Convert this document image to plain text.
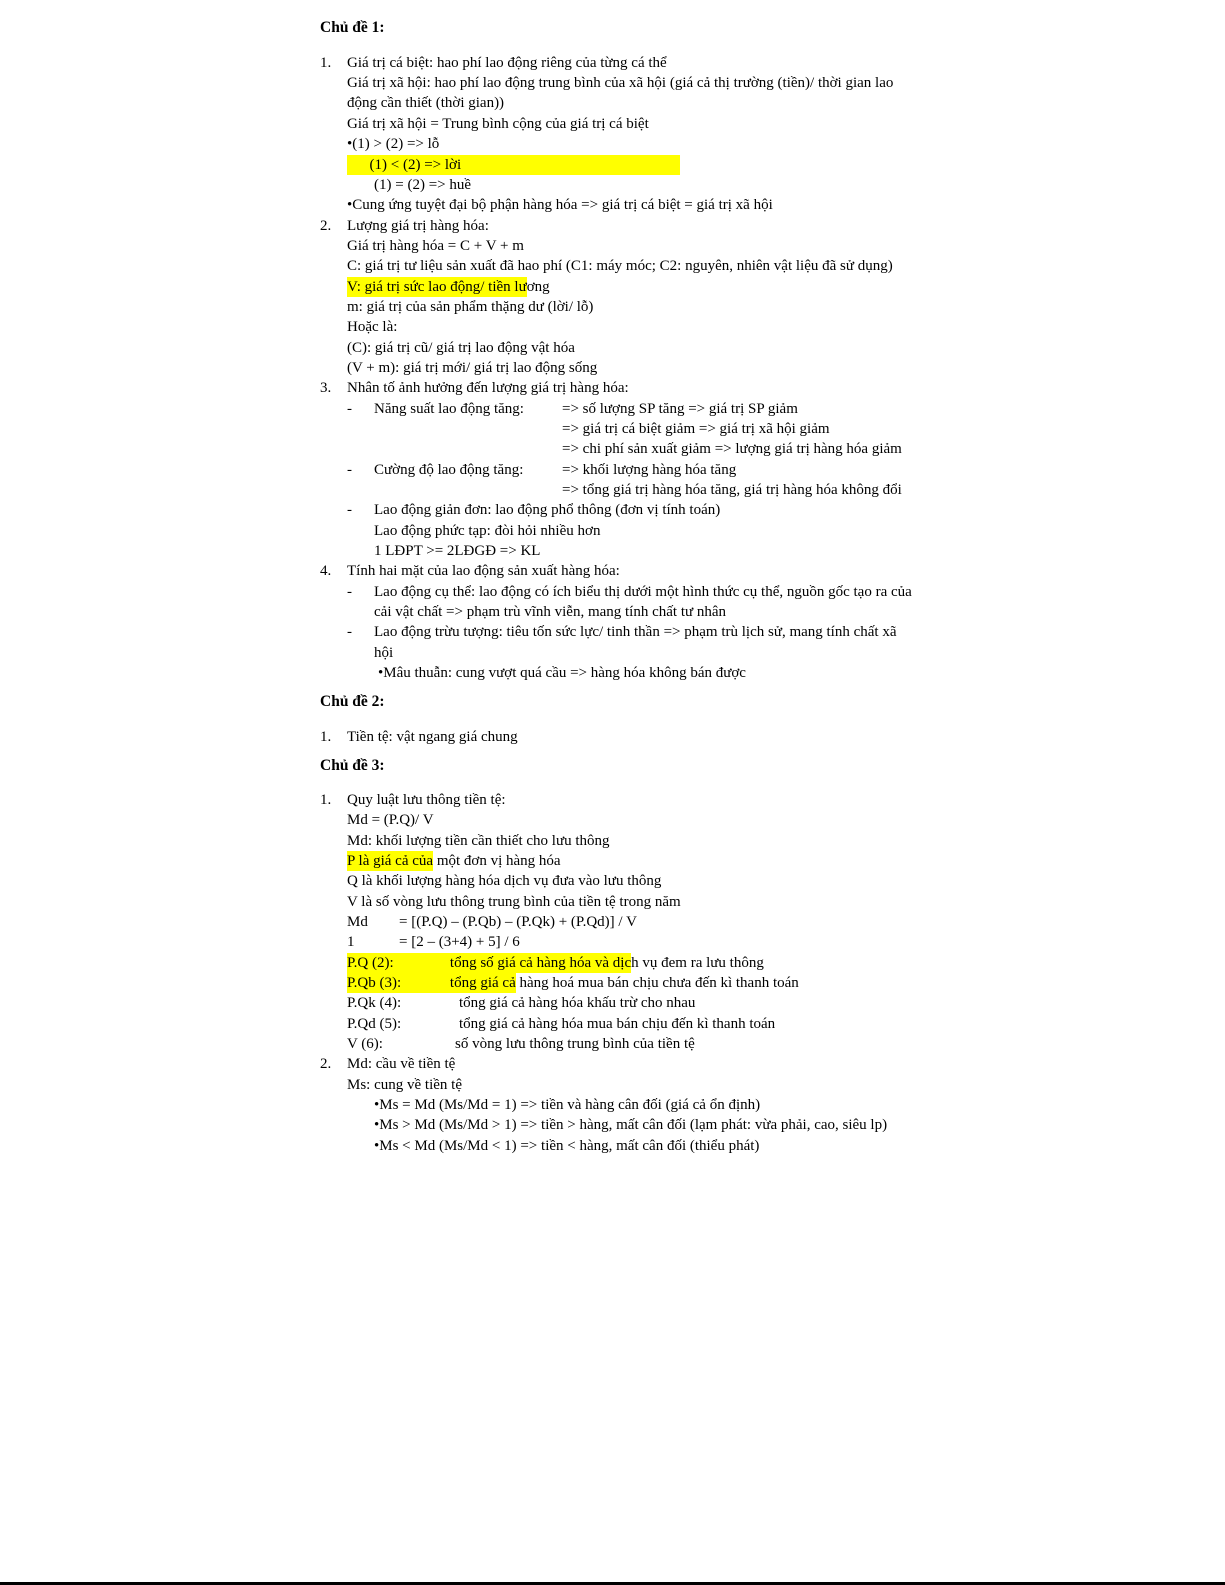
Chủ đề 1:
1. Giá trị cá biệt: hao phí lao động riêng của từng cá thể
Giá trị xã hội: hao phí lao động trung bình của xã hội (giá cả thị trường (tiền)/ thời gian lao
động cần thiết (thời gian))
Giá trị xã hội = Trung bình cộng của giá trị cá biệt
•(1) > (2) => lỗ
(1) < (2) => lời
(1) = (2) => huề
•Cung ứng tuyệt đại bộ phận hàng hóa => giá trị cá biệt = giá trị xã hội
2. Lượng giá trị hàng hóa:
Giá trị hàng hóa = C + V + m
C: giá trị tư liệu sản xuất đã hao phí (C1: máy móc; C2: nguyên, nhiên vật liệu đã sử dụng)
V: giá trị sức lao động/ tiền lương
m: giá trị của sản phẩm thặng dư (lời/ lỗ)
Hoặc là:
(C): giá trị cũ/ giá trị lao động vật hóa
(V + m): giá trị mới/ giá trị lao động sống
3. Nhân tố ảnh hưởng đến lượng giá trị hàng hóa:
- Năng suất lao động tăng:	=> số lượng SP tăng => giá trị SP giảm
=> giá trị cá biệt giảm => giá trị xã hội giảm
=> chi phí sản xuất giảm => lượng giá trị hàng hóa giảm
- Cường độ lao động tăng:	=> khối lượng hàng hóa tăng
=> tổng giá trị hàng hóa tăng, giá trị hàng hóa không đổi
- Lao động giản đơn: lao động phổ thông (đơn vị tính toán)
Lao động phức tạp: đòi hỏi nhiều hơn
1 LĐPT >= 2LĐGĐ => KL
4. Tính hai mặt của lao động sản xuất hàng hóa:
- Lao động cụ thể: lao động có ích biểu thị dưới một hình thức cụ thể, nguồn gốc tạo ra của
cải vật chất => phạm trù vĩnh viễn, mang tính chất tư nhân
- Lao động trừu tượng: tiêu tốn sức lực/ tinh thần => phạm trù lịch sử, mang tính chất xã
hội
•Mâu thuẫn: cung vượt quá cầu => hàng hóa không bán được
Chủ đề 2:
1. Tiền tệ: vật ngang giá chung
Chủ đề 3:
1. Quy luật lưu thông tiền tệ:
Md = (P.Q)/ V
Md: khối lượng tiền cần thiết cho lưu thông
P là giá cả của một đơn vị hàng hóa
Q là khối lượng hàng hóa dịch vụ đưa vào lưu thông
V là số vòng lưu thông trung bình của tiền tệ trong năm
Md = [(P.Q) – (P.Qb) – (P.Qk) + (P.Qd)] / V
1	= [2 – (3+4) + 5] / 6
P.Q (2):               tổng số giá cả hàng hóa và dịch vụ đem ra lưu thông
P.Qb (3):             tổng giá cả hàng hoá mua bán chịu chưa đến kì thanh toán
P.Qk (4):	tổng giá cả hàng hóa khấu trừ cho nhau
P.Qd (5):	tổng giá cả hàng hóa mua bán chịu đến kì thanh toán
V (6):	số vòng lưu thông trung bình của tiền tệ
2. Md: cầu về tiền tệ
Ms: cung về tiền tệ
•Ms = Md (Ms/Md = 1) => tiền và hàng cân đối (giá cả ổn định)
•Ms > Md (Ms/Md > 1) => tiền > hàng, mất cân đối (lạm phát: vừa phải, cao, siêu lp)
•Ms < Md (Ms/Md < 1) => tiền < hàng, mất cân đối (thiểu phát)
